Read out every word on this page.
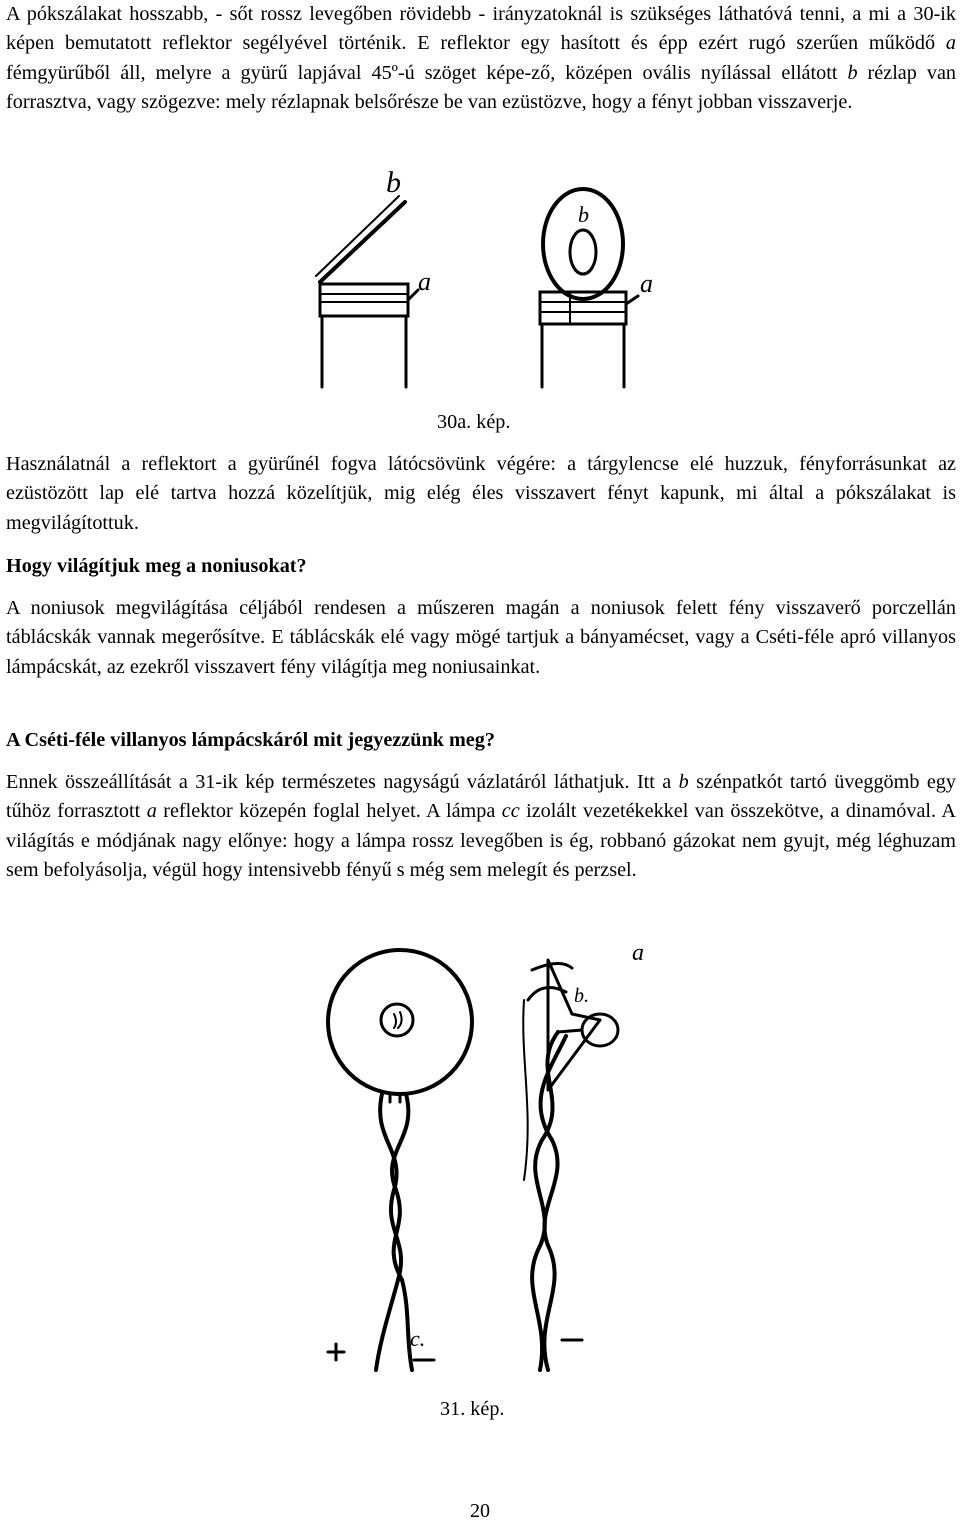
A pókszálakat hosszabb, - sőt rossz levegőben rövidebb - irányzatoknál is szükséges láthatóvá tenni, a mi a 30-ik képen bemutatott reflektor segélyével történik. E reflektor egy hasított és épp ezért rugó szerűen működő a fémgyürűből áll, melyre a gyürű lapjával 45º-ú szöget képe-ző, középen ovális nyílással ellátott b rézlap van forrasztva, vagy szögezve: mely rézlapnak belsőrésze be van ezüstözve, hogy a fényt jobban visszaverje.

b
a
b
a

30a. kép.

Használatnál a reflektort a gyürűnél fogva látócsövünk végére: a tárgylencse elé huzzuk, fényforrásunkat az ezüstözött lap elé tartva hozzá közelítjük, mig elég éles visszavert fényt kapunk, mi által a pókszálakat is megvilágítottuk.

Hogy világítjuk meg a noniusokat?

A noniusok megvilágítása céljából rendesen a műszeren magán a noniusok felett fény visszaverő porczellán táblácskák vannak megerősítve. E táblácskák elé vagy mögé tartjuk a bányamécset, vagy a Cséti-féle apró villanyos lámpácskát, az ezekről visszavert fény világítja meg noniusainkat.

A Cséti-féle villanyos lámpácskáról mit jegyezzünk meg?

Ennek összeállítását a 31-ik kép természetes nagyságú vázlatáról láthatjuk. Itt a b szénpatkót tartó üveggömb egy tűhöz forrasztott a reflektor közepén foglal helyet. A lámpa cc izolált vezetékekkel van összekötve, a dinamóval. A világítás e módjának nagy előnye: hogy a lámpa rossz levegőben is ég, robbanó gázokat nem gyujt, még léghuzam sem befolyásolja, végül hogy intensivebb fényű s még sem melegít és perzsel.

a
b.
c.

31. kép.

20
